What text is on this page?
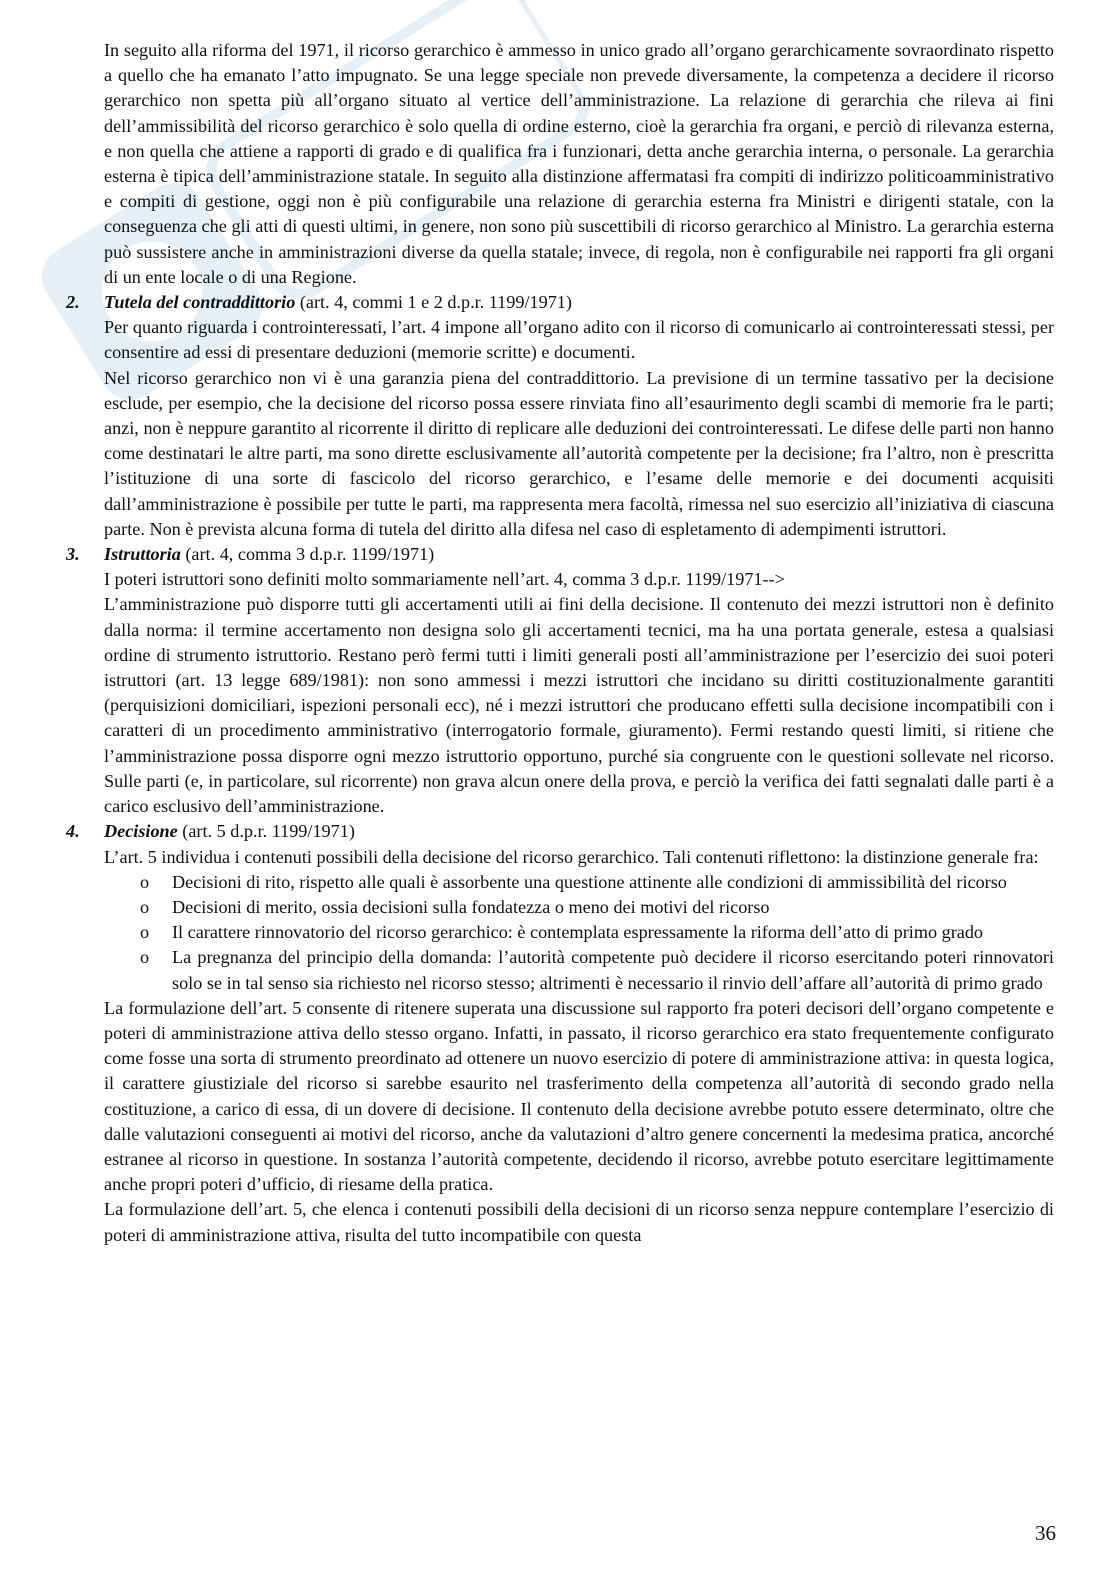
In seguito alla riforma del 1971, il ricorso gerarchico è ammesso in unico grado all’organo gerarchicamente sovraordinato rispetto a quello che ha emanato l’atto impugnato. Se una legge speciale non prevede diversamente, la competenza a decidere il ricorso gerarchico non spetta più all’organo situato al vertice dell’amministrazione. La relazione di gerarchia che rileva ai fini dell’ammissibilità del ricorso gerarchico è solo quella di ordine esterno, cioè la gerarchia fra organi, e perciò di rilevanza esterna, e non quella che attiene a rapporti di grado e di qualifica fra i funzionari, detta anche gerarchia interna, o personale. La gerarchia esterna è tipica dell’amministrazione statale. In seguito alla distinzione affermatasi fra compiti di indirizzo politicoamministrativo e compiti di gestione, oggi non è più configurabile una relazione di gerarchia esterna fra Ministri e dirigenti statale, con la conseguenza che gli atti di questi ultimi, in genere, non sono più suscettibili di ricorso gerarchico al Ministro. La gerarchia esterna può sussistere anche in amministrazioni diverse da quella statale; invece, di regola, non è configurabile nei rapporti fra gli organi di un ente locale o di una Regione.

2. Tutela del contraddittorio (art. 4, commi 1 e 2 d.p.r. 1199/1971)

Per quanto riguarda i controinteressati, l’art. 4 impone all’organo adito con il ricorso di comunicarlo ai controinteressati stessi, per consentire ad essi di presentare deduzioni (memorie scritte) e documenti.

Nel ricorso gerarchico non vi è una garanzia piena del contraddittorio. La previsione di un termine tassativo per la decisione esclude, per esempio, che la decisione del ricorso possa essere rinviata fino all’esaurimento degli scambi di memorie fra le parti; anzi, non è neppure garantito al ricorrente il diritto di replicare alle deduzioni dei controinteressati. Le difese delle parti non hanno come destinatari le altre parti, ma sono dirette esclusivamente all’autorità competente per la decisione; fra l’altro, non è prescritta l’istituzione di una sorte di fascicolo del ricorso gerarchico, e l’esame delle memorie e dei documenti acquisiti dall’amministrazione è possibile per tutte le parti, ma rappresenta mera facoltà, rimessa nel suo esercizio all’iniziativa di ciascuna parte. Non è prevista alcuna forma di tutela del diritto alla difesa nel caso di espletamento di adempimenti istruttori.

3. Istruttoria (art. 4, comma 3 d.p.r. 1199/1971)

I poteri istruttori sono definiti molto sommariamente nell’art. 4, comma 3 d.p.r. 1199/1971-->

L’amministrazione può disporre tutti gli accertamenti utili ai fini della decisione. Il contenuto dei mezzi istruttori non è definito dalla norma: il termine accertamento non designa solo gli accertamenti tecnici, ma ha una portata generale, estesa a qualsiasi ordine di strumento istruttorio. Restano però fermi tutti i limiti generali posti all’amministrazione per l’esercizio dei suoi poteri istruttori (art. 13 legge 689/1981): non sono ammessi i mezzi istruttori che incidano su diritti costituzionalmente garantiti (perquisizioni domiciliari, ispezioni personali ecc), né i mezzi istruttori che producano effetti sulla decisione incompatibili con i caratteri di un procedimento amministrativo (interrogatorio formale, giuramento). Fermi restando questi limiti, si ritiene che l’amministrazione possa disporre ogni mezzo istruttorio opportuno, purché sia congruente con le questioni sollevate nel ricorso. Sulle parti (e, in particolare, sul ricorrente) non grava alcun onere della prova, e perciò la verifica dei fatti segnalati dalle parti è a carico esclusivo dell’amministrazione.

4. Decisione (art. 5 d.p.r. 1199/1971)

L’art. 5 individua i contenuti possibili della decisione del ricorso gerarchico. Tali contenuti riflettono: la distinzione generale fra:

o Decisioni di rito, rispetto alle quali è assorbente una questione attinente alle condizioni di ammissibilità del ricorso
o Decisioni di merito, ossia decisioni sulla fondatezza o meno dei motivi del ricorso
o Il carattere rinnovatorio del ricorso gerarchico: è contemplata espressamente la riforma dell’atto di primo grado
o La pregnanza del principio della domanda: l’autorità competente può decidere il ricorso esercitando poteri rinnovatori solo se in tal senso sia richiesto nel ricorso stesso; altrimenti è necessario il rinvio dell’affare all’autorità di primo grado

La formulazione dell’art. 5 consente di ritenere superata una discussione sul rapporto fra poteri decisori dell’organo competente e poteri di amministrazione attiva dello stesso organo. Infatti, in passato, il ricorso gerarchico era stato frequentemente configurato come fosse una sorta di strumento preordinato ad ottenere un nuovo esercizio di potere di amministrazione attiva: in questa logica, il carattere giustiziale del ricorso si sarebbe esaurito nel trasferimento della competenza all’autorità di secondo grado nella costituzione, a carico di essa, di un dovere di decisione. Il contenuto della decisione avrebbe potuto essere determinato, oltre che dalle valutazioni conseguenti ai motivi del ricorso, anche da valutazioni d’altro genere concernenti la medesima pratica, ancorché estranee al ricorso in questione. In sostanza l’autorità competente, decidendo il ricorso, avrebbe potuto esercitare legittimamente anche propri poteri d’ufficio, di riesame della pratica.

La formulazione dell’art. 5, che elenca i contenuti possibili della decisioni di un ricorso senza neppure contemplare l’esercizio di poteri di amministrazione attiva, risulta del tutto incompatibile con questa

36
